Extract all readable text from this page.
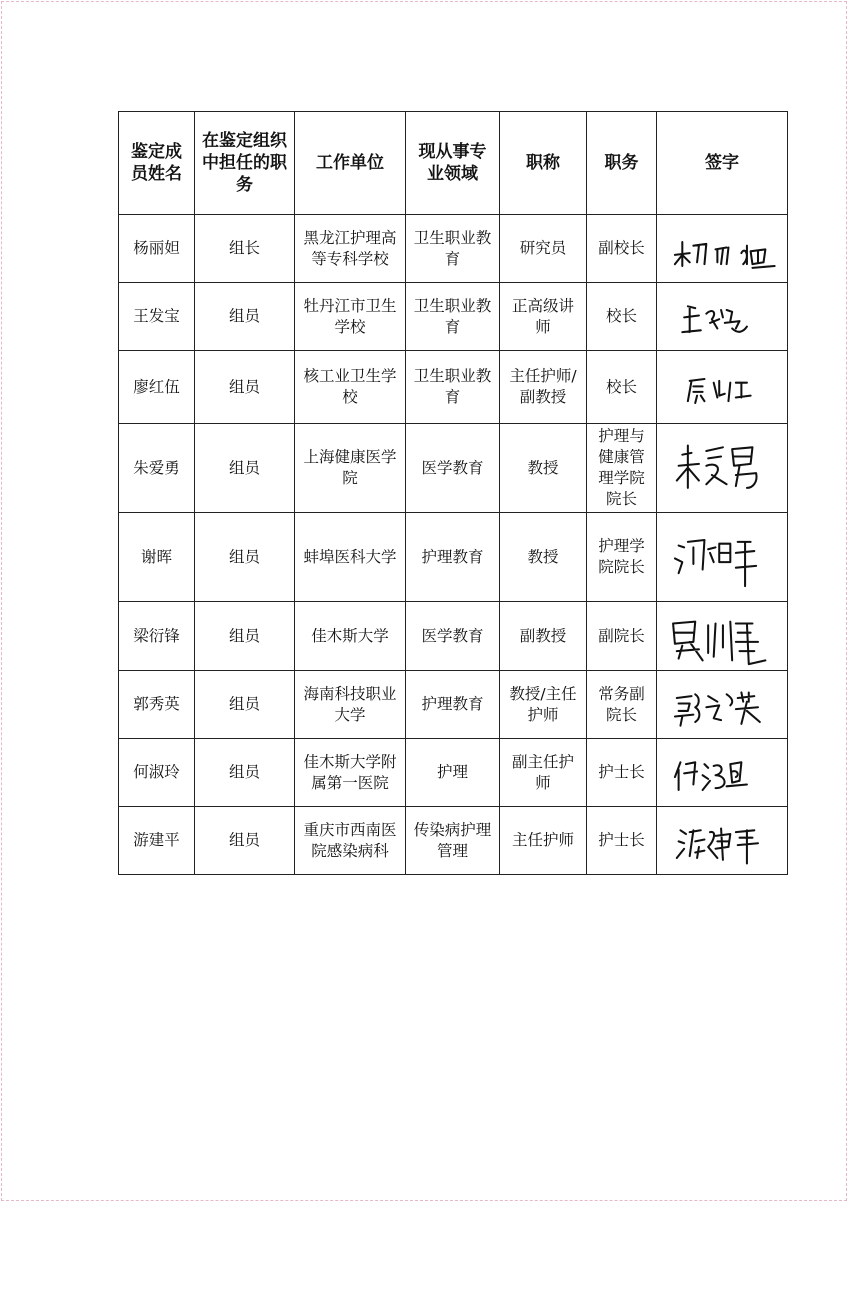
鉴定成员姓名	在鉴定组织中担任的职务	工作单位	现从事专业领域	职称	职务	签字
杨丽妲	组长	黑龙江护理高等专科学校	卫生职业教育	研究员	副校长	

王发宝	组员	牡丹江市卫生学校	卫生职业教育	正高级讲师	校长	

廖红伍	组员	核工业卫生学校	卫生职业教育	主任护师/副教授	校长	

朱爱勇	组员	上海健康医学院	医学教育	教授	护理与健康管理学院院长	

谢晖	组员	蚌埠医科大学	护理教育	教授	护理学院院长	

梁衍锋	组员	佳木斯大学	医学教育	副教授	副院长	

郭秀英	组员	海南科技职业大学	护理教育	教授/主任护师	常务副院长	

何淑玲	组员	佳木斯大学附属第一医院	护理	副主任护师	护士长	

游建平	组员	重庆市西南医院感染病科	传染病护理管理	主任护师	护士长	
